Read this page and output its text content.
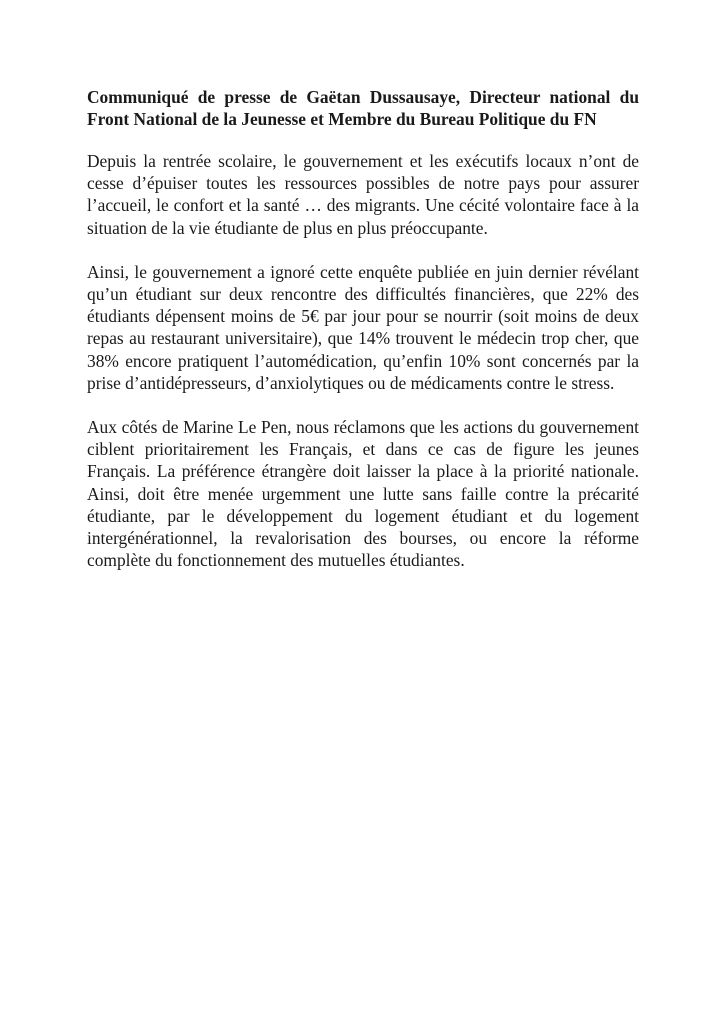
Communiqué de presse de Gaëtan Dussausaye, Directeur national du Front National de la Jeunesse et Membre du Bureau Politique du FN

Depuis la rentrée scolaire, le gouvernement et les exécutifs locaux n’ont de cesse d’épuiser toutes les ressources possibles de notre pays pour assurer l’accueil, le confort et la santé … des migrants. Une cécité volontaire face à la situation de la vie étudiante de plus en plus préoccupante.

Ainsi, le gouvernement a ignoré cette enquête publiée en juin dernier révélant qu’un étudiant sur deux rencontre des difficultés financières, que 22% des étudiants dépensent moins de 5€ par jour pour se nourrir (soit moins de deux repas au restaurant universitaire), que 14% trouvent le médecin trop cher, que 38% encore pratiquent l’automédication, qu’enfin 10% sont concernés par la prise d’antidépresseurs, d’anxiolytiques ou de médicaments contre le stress.

Aux côtés de Marine Le Pen, nous réclamons que les actions du gouvernement ciblent prioritairement les Français, et dans ce cas de figure les jeunes Français. La préférence étrangère doit laisser la place à la priorité nationale. Ainsi, doit être menée urgemment une lutte sans faille contre la précarité étudiante, par le développement du logement étudiant et du logement intergénérationnel, la revalorisation des bourses, ou encore la réforme complète du fonctionnement des mutuelles étudiantes.
